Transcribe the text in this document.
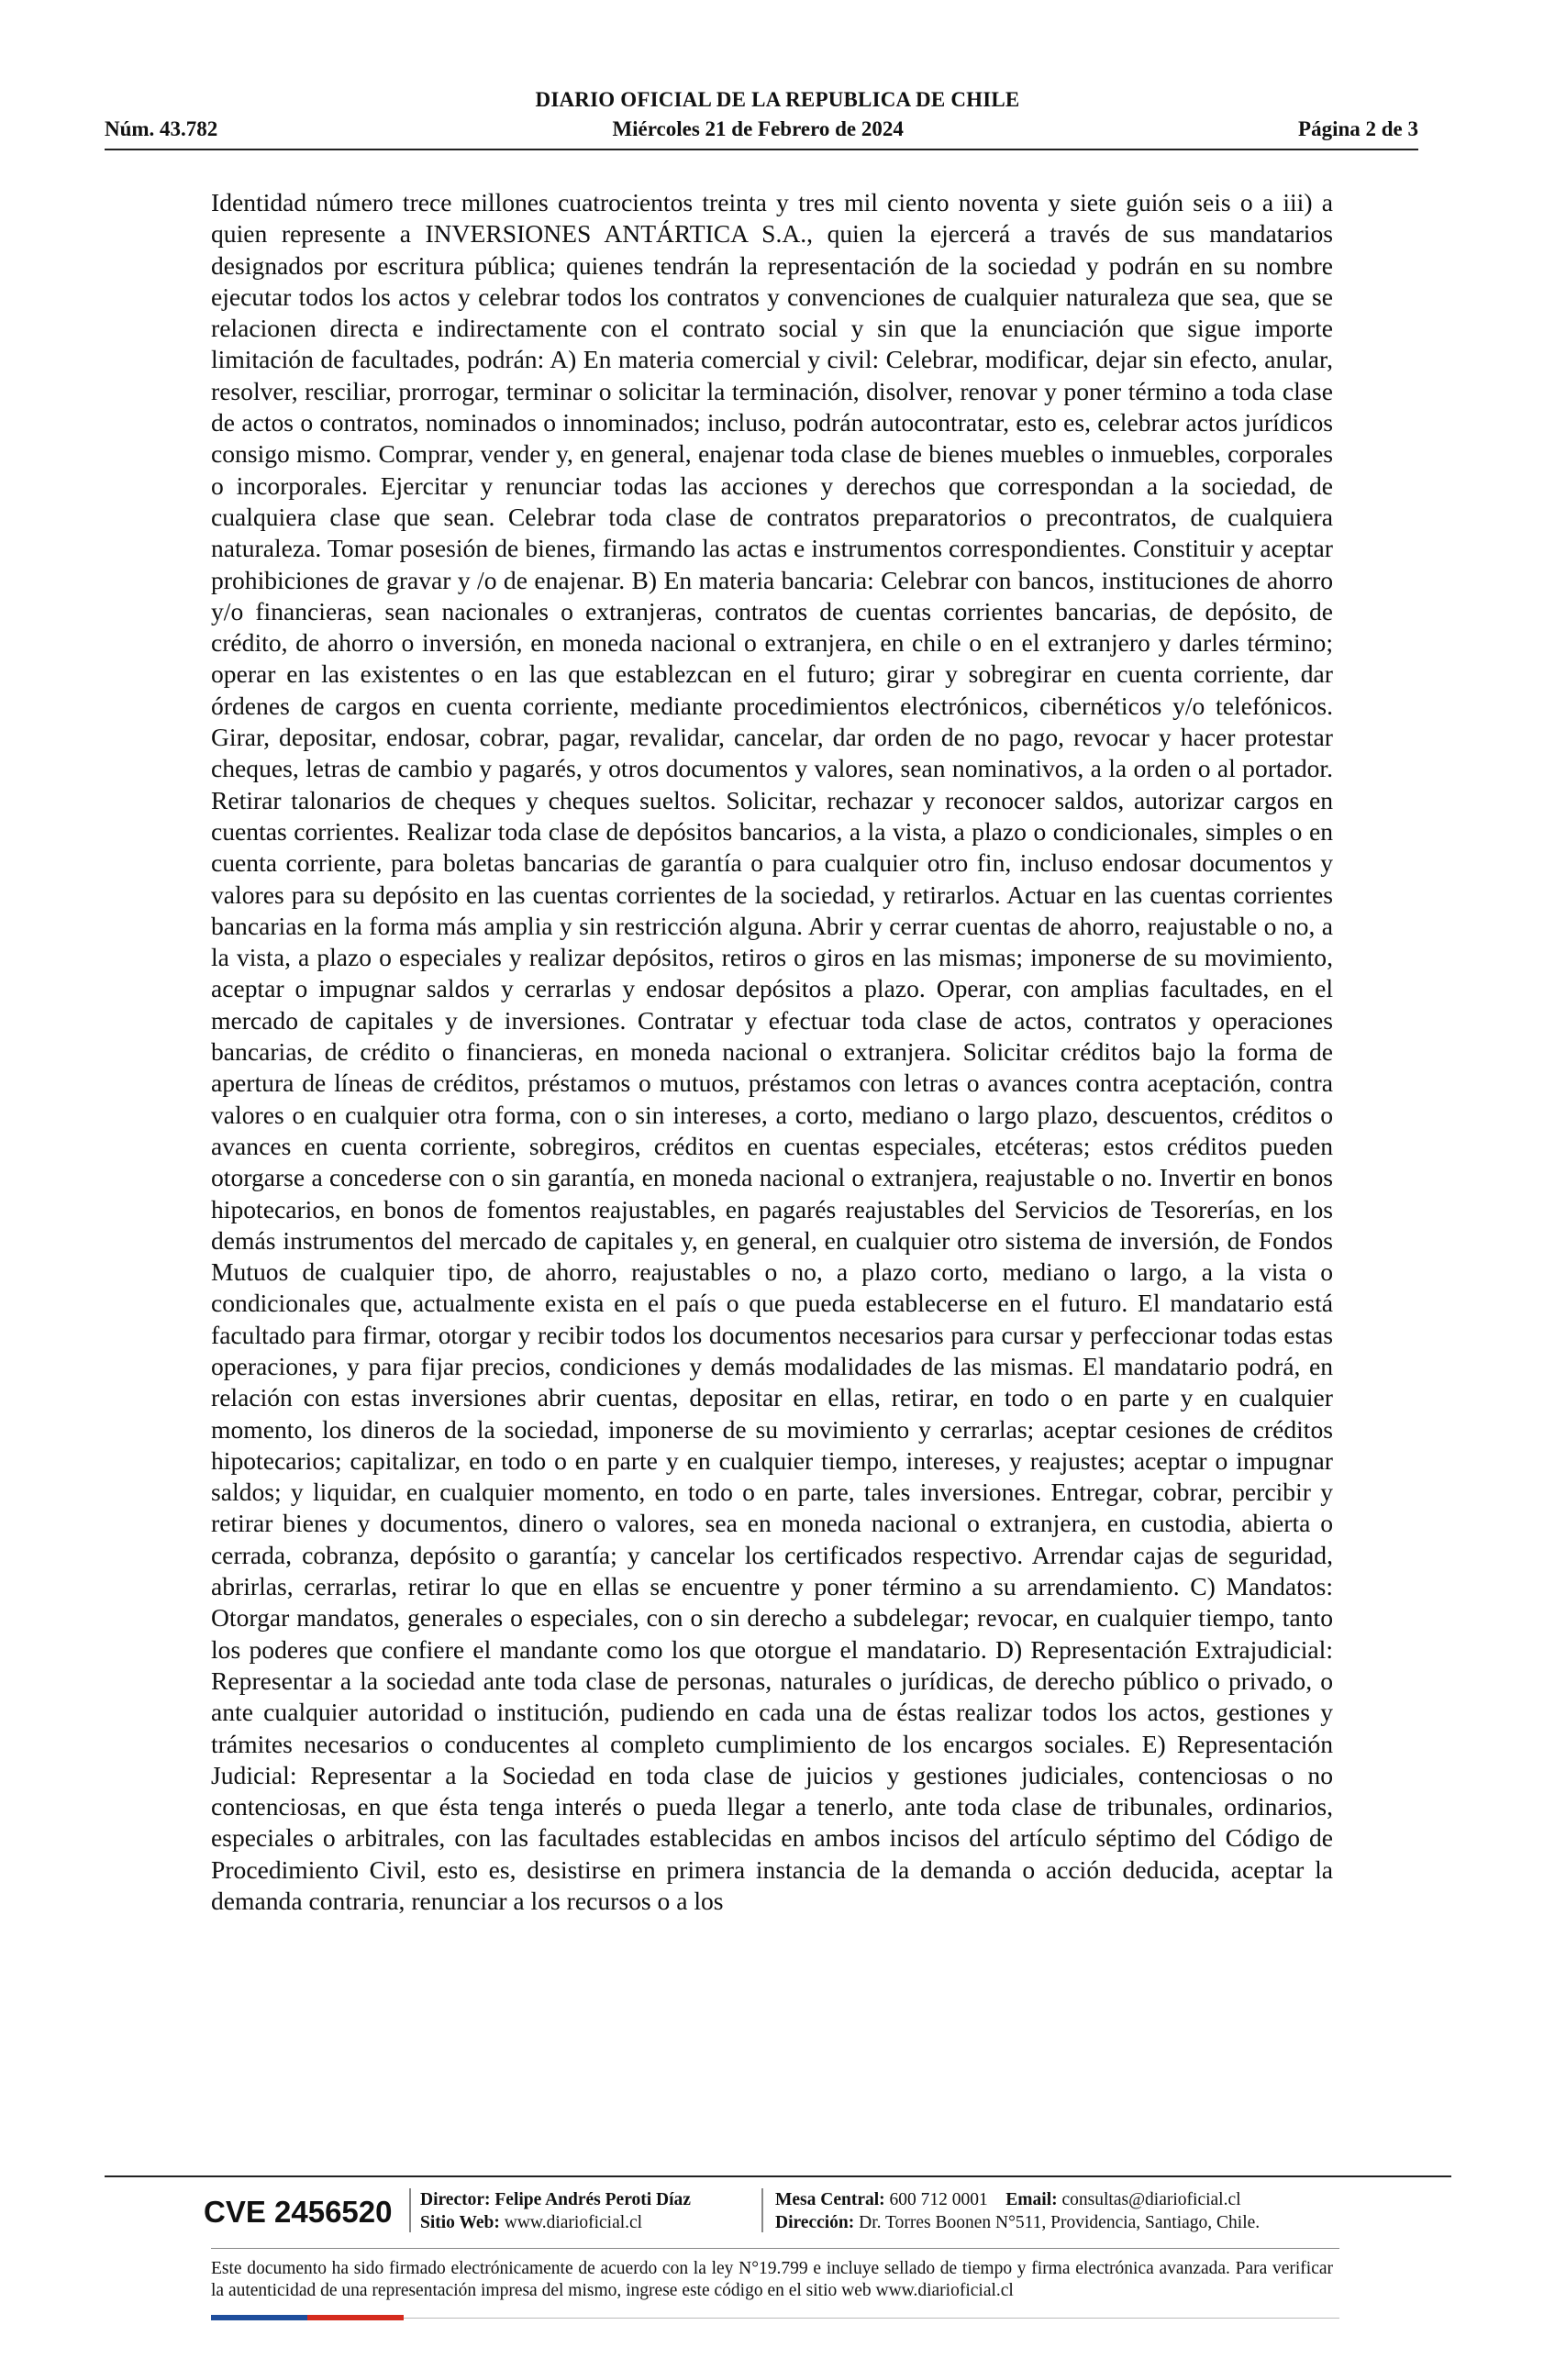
DIARIO OFICIAL DE LA REPUBLICA DE CHILE
Núm. 43.782	Miércoles 21 de Febrero de 2024	Página 2 de 3

Identidad número trece millones cuatrocientos treinta y tres mil ciento noventa y siete guión seis o a iii) a quien represente a INVERSIONES ANTÁRTICA S.A., quien la ejercerá a través de sus mandatarios designados por escritura pública; quienes tendrán la representación de la sociedad y podrán en su nombre ejecutar todos los actos y celebrar todos los contratos y convenciones de cualquier naturaleza que sea, que se relacionen directa e indirectamente con el contrato social y sin que la enunciación que sigue importe limitación de facultades, podrán: A) En materia comercial y civil: Celebrar, modificar, dejar sin efecto, anular, resolver, resciliar, prorrogar, terminar o solicitar la terminación, disolver, renovar y poner término a toda clase de actos o contratos, nominados o innominados; incluso, podrán autocontratar, esto es, celebrar actos jurídicos consigo mismo. Comprar, vender y, en general, enajenar toda clase de bienes muebles o inmuebles, corporales o incorporales. Ejercitar y renunciar todas las acciones y derechos que correspondan a la sociedad, de cualquiera clase que sean. Celebrar toda clase de contratos preparatorios o precontratos, de cualquiera naturaleza. Tomar posesión de bienes, firmando las actas e instrumentos correspondientes. Constituir y aceptar prohibiciones de gravar y /o de enajenar. B) En materia bancaria: Celebrar con bancos, instituciones de ahorro y/o financieras, sean nacionales o extranjeras, contratos de cuentas corrientes bancarias, de depósito, de crédito, de ahorro o inversión, en moneda nacional o extranjera, en chile o en el extranjero y darles término; operar en las existentes o en las que establezcan en el futuro; girar y sobregirar en cuenta corriente, dar órdenes de cargos en cuenta corriente, mediante procedimientos electrónicos, cibernéticos y/o telefónicos. Girar, depositar, endosar, cobrar, pagar, revalidar, cancelar, dar orden de no pago, revocar y hacer protestar cheques, letras de cambio y pagarés, y otros documentos y valores, sean nominativos, a la orden o al portador. Retirar talonarios de cheques y cheques sueltos. Solicitar, rechazar y reconocer saldos, autorizar cargos en cuentas corrientes. Realizar toda clase de depósitos bancarios, a la vista, a plazo o condicionales, simples o en cuenta corriente, para boletas bancarias de garantía o para cualquier otro fin, incluso endosar documentos y valores para su depósito en las cuentas corrientes de la sociedad, y retirarlos. Actuar en las cuentas corrientes bancarias en la forma más amplia y sin restricción alguna. Abrir y cerrar cuentas de ahorro, reajustable o no, a la vista, a plazo o especiales y realizar depósitos, retiros o giros en las mismas; imponerse de su movimiento, aceptar o impugnar saldos y cerrarlas y endosar depósitos a plazo. Operar, con amplias facultades, en el mercado de capitales y de inversiones. Contratar y efectuar toda clase de actos, contratos y operaciones bancarias, de crédito o financieras, en moneda nacional o extranjera. Solicitar créditos bajo la forma de apertura de líneas de créditos, préstamos o mutuos, préstamos con letras o avances contra aceptación, contra valores o en cualquier otra forma, con o sin intereses, a corto, mediano o largo plazo, descuentos, créditos o avances en cuenta corriente, sobregiros, créditos en cuentas especiales, etcéteras; estos créditos pueden otorgarse a concederse con o sin garantía, en moneda nacional o extranjera, reajustable o no. Invertir en bonos hipotecarios, en bonos de fomentos reajustables, en pagarés reajustables del Servicios de Tesorerías, en los demás instrumentos del mercado de capitales y, en general, en cualquier otro sistema de inversión, de Fondos Mutuos de cualquier tipo, de ahorro, reajustables o no, a plazo corto, mediano o largo, a la vista o condicionales que, actualmente exista en el país o que pueda establecerse en el futuro. El mandatario está facultado para firmar, otorgar y recibir todos los documentos necesarios para cursar y perfeccionar todas estas operaciones, y para fijar precios, condiciones y demás modalidades de las mismas. El mandatario podrá, en relación con estas inversiones abrir cuentas, depositar en ellas, retirar, en todo o en parte y en cualquier momento, los dineros de la sociedad, imponerse de su movimiento y cerrarlas; aceptar cesiones de créditos hipotecarios; capitalizar, en todo o en parte y en cualquier tiempo, intereses, y reajustes; aceptar o impugnar saldos; y liquidar, en cualquier momento, en todo o en parte, tales inversiones. Entregar, cobrar, percibir y retirar bienes y documentos, dinero o valores, sea en moneda nacional o extranjera, en custodia, abierta o cerrada, cobranza, depósito o garantía; y cancelar los certificados respectivo. Arrendar cajas de seguridad, abrirlas, cerrarlas, retirar lo que en ellas se encuentre y poner término a su arrendamiento. C) Mandatos: Otorgar mandatos, generales o especiales, con o sin derecho a subdelegar; revocar, en cualquier tiempo, tanto los poderes que confiere el mandante como los que otorgue el mandatario. D) Representación Extrajudicial: Representar a la sociedad ante toda clase de personas, naturales o jurídicas, de derecho público o privado, o ante cualquier autoridad o institución, pudiendo en cada una de éstas realizar todos los actos, gestiones y trámites necesarios o conducentes al completo cumplimiento de los encargos sociales. E) Representación Judicial: Representar a la Sociedad en toda clase de juicios y gestiones judiciales, contenciosas o no contenciosas, en que ésta tenga interés o pueda llegar a tenerlo, ante toda clase de tribunales, ordinarios, especiales o arbitrales, con las facultades establecidas en ambos incisos del artículo séptimo del Código de Procedimiento Civil, esto es, desistirse en primera instancia de la demanda o acción deducida, aceptar la demanda contraria, renunciar a los recursos o a los

CVE 2456520 Director: Felipe Andrés Peroti Díaz
Sitio Web: www.diarioficial.cl
Mesa Central: 600 712 0001 Email: consultas@diarioficial.cl
Dirección: Dr. Torres Boonen N°511, Providencia, Santiago, Chile.
Este documento ha sido firmado electrónicamente de acuerdo con la ley N°19.799 e incluye sellado de tiempo y firma electrónica avanzada. Para verificar la autenticidad de una representación impresa del mismo, ingrese este código en el sitio web www.diarioficial.cl
